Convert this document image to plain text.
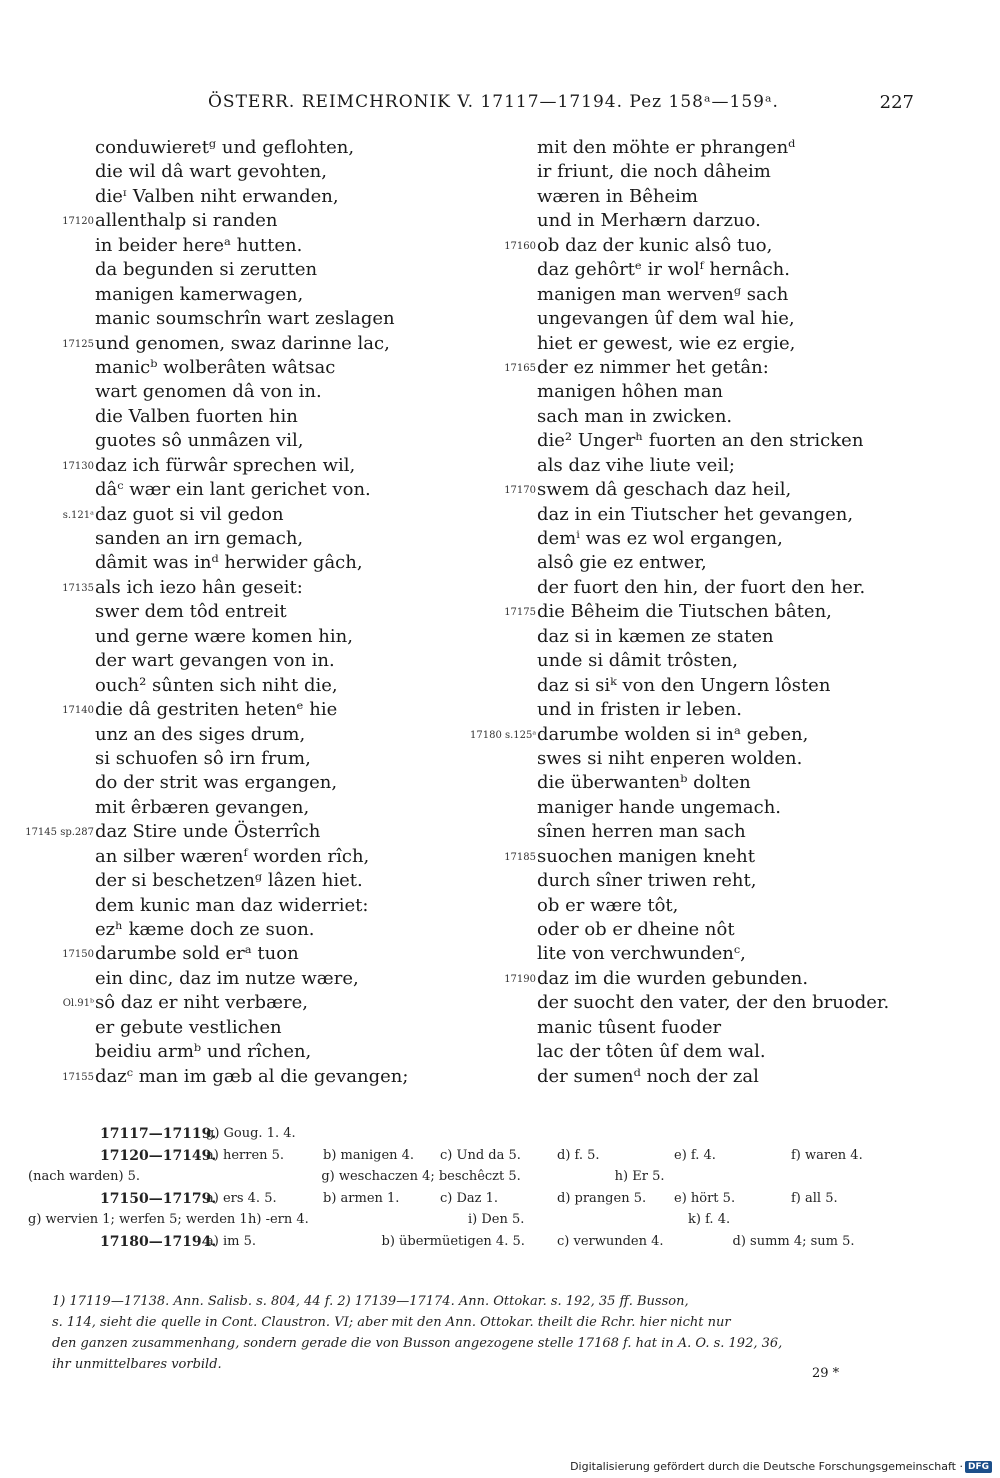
ÖSTERR. REIMCHRONIK V. 17117—17194. Pez 158ᵃ—159ᵃ.	227
conduwieretᵍ und geflohten,
die wil dâ wart gevohten,
dieᶦ Valben niht erwanden,
17120 allenthalp si randen
in beider hereᵃ hutten.
da begunden si zerutten
manigen kamerwagen,
manic soumschrîn wart zeslagen
17125 und genomen, swaz darinne lac,
manicᵇ wolberâten wâtsac
wart genomen dâ von in.
die Valben fuorten hin
guotes sô unmâzen vil,
17130 daz ich fürwâr sprechen wil,
dâᶜ wær ein lant gerichet von.
s.121ᵃ daz guot si vil gedon
sanden an irn gemach,
dâmit was inᵈ herwider gâch,
17135 als ich iezo hân geseit:
swer dem tôd entreit
und gerne wære komen hin,
der wart gevangen von in.
ouch² sûnten sich niht die,
17140 die dâ gestriten hetenᵉ hie
unz an des siges drum,
si schuofen sô irn frum,
do der strit was ergangen,
mit êrbæren gevangen,
17145 sp.287 daz Stire unde Österrîch
an silber wærenᶠ worden rîch,
der si beschetzenᵍ lâzen hiet.
dem kunic man daz widerriet:
ezʰ kæme doch ze suon.
17150 darumbe sold erᵃ tuon
ein dinc, daz im nutze wære,
Ol.91ᵇ sô daz er niht verbære,
er gebute vestlichen
beidiu armᵇ und rîchen,
17155 dazᶜ man im gæb al die gevangen;
mit den möhte er phrangenᵈ
ir friunt, die noch dâheim
wæren in Bêheim
und in Merhærn darzuo.
17160 ob daz der kunic alsô tuo,
daz gehôrtᵉ ir wolᶠ hernâch.
manigen man wervenᵍ sach
ungevangen ûf dem wal hie,
hiet er gewest, wie ez ergie,
17165 der ez nimmer het getân:
manigen hôhen man
sach man in zwicken.
die² Ungerʰ fuorten an den stricken
als daz vihe liute veil;
17170 swem dâ geschach daz heil,
daz in ein Tiutscher het gevangen,
demⁱ was ez wol ergangen,
alsô gie ez entwer,
der fuort den hin, der fuort den her.
17175 die Bêheim die Tiutschen bâten,
daz si in kæmen ze staten
unde si dâmit trôsten,
daz si siᵏ von den Ungern lôsten
und in fristen ir leben.
17180 s.125ᵃ darumbe wolden si inᵃ geben,
swes si niht enperen wolden.
die überwantenᵇ dolten
maniger hande ungemach.
sînen herren man sach
17185 suochen manigen kneht
durch sîner triwen reht,
ob er wære tôt,
oder ob er dheine nôt
lite von verchwundenᶜ,
17190 daz im die wurden gebunden.
der suocht den vater, der den bruoder.
manic tûsent fuoder
lac der tôten ûf dem wal.
der sumenᵈ noch der zal
17117—17119.
g) Goug. 1. 4.
17120—17149.
a) herren 5.	b) manigen 4. c) Und da 5.	d) f. 5.	e) f. 4.	f) waren 4.
(nach warden) 5.	g) weschaczen 4; beschêczt 5.	h) Er 5.
17150—17179.
a) ers 4. 5.	b) armen 1.	c) Daz 1.	d) prangen 5. e) hört 5.	f) all 5.
g) wervien 1; werfen 5; werden 1.
h) -ern 4.	i) Den 5.	k) f. 4.
17180—17194.
a) im 5.	b) übermüetigen 4. 5. c) verwunden 4.	d) summ 4; sum 5.
1) 17119—17138. Ann. Salisb. s. 804, 44 f. 2) 17139—17174. Ann. Ottokar. s. 192, 35 ff. Busson,
s. 114, sieht die quelle in Cont. Claustron. VI; aber mit den Ann. Ottokar. theilt die Rchr. hier nicht nur
den ganzen zusammenhang, sondern gerade die von Busson angezogene stelle 17168 f. hat in A. O. s. 192, 36,
ihr unmittelbares vorbild.
29 *
Digitalisierung gefördert durch die Deutsche Forschungsgemeinschaft · DFG
